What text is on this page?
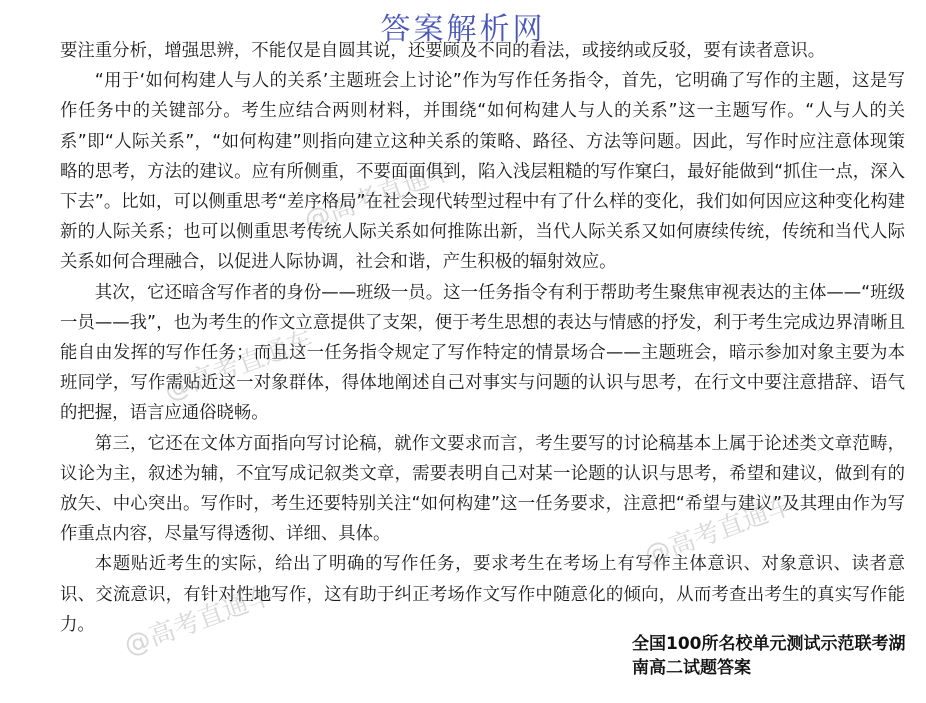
答案解析网
@高考直通车
@高考直通车
@高考直通车
@高考直通车

要注重分析，增强思辨，不能仅是自圆其说，还要顾及不同的看法，或接纳或反驳，要有读者意识。

“用于‘如何构建人与人的关系’主题班会上讨论”作为写作任务指令，首先，它明确了写作的主题，这是写作任务中的关键部分。考生应结合两则材料，并围绕“如何构建人与人的关系”这一主题写作。“人与人的关系”即“人际关系”，“如何构建”则指向建立这种关系的策略、路径、方法等问题。因此，写作时应注意体现策略的思考，方法的建议。应有所侧重，不要面面俱到，陷入浅层粗糙的写作窠臼，最好能做到“抓住一点，深入下去”。比如，可以侧重思考“差序格局”在社会现代转型过程中有了什么样的变化，我们如何因应这种变化构建新的人际关系；也可以侧重思考传统人际关系如何推陈出新，当代人际关系又如何赓续传统，传统和当代人际关系如何合理融合，以促进人际协调，社会和谐，产生积极的辐射效应。

其次，它还暗含写作者的身份——班级一员。这一任务指令有利于帮助考生聚焦审视表达的主体——“班级一员——我”，也为考生的作文立意提供了支架，便于考生思想的表达与情感的抒发，利于考生完成边界清晰且能自由发挥的写作任务；而且这一任务指令规定了写作特定的情景场合——主题班会，暗示参加对象主要为本班同学，写作需贴近这一对象群体，得体地阐述自己对事实与问题的认识与思考，在行文中要注意措辞、语气的把握，语言应通俗晓畅。

第三，它还在文体方面指向写讨论稿，就作文要求而言，考生要写的讨论稿基本上属于论述类文章范畴，议论为主，叙述为辅，不宜写成记叙类文章，需要表明自己对某一论题的认识与思考，希望和建议，做到有的放矢、中心突出。写作时，考生还要特别关注“如何构建”这一任务要求，注意把“希望与建议”及其理由作为写作重点内容，尽量写得透彻、详细、具体。

本题贴近考生的实际，给出了明确的写作任务，要求考生在考场上有写作主体意识、对象意识、读者意识、交流意识，有针对性地写作，这有助于纠正考场作文写作中随意化的倾向，从而考查出考生的真实写作能力。

全国100所名校单元测试示范联考湖南高二试题答案
